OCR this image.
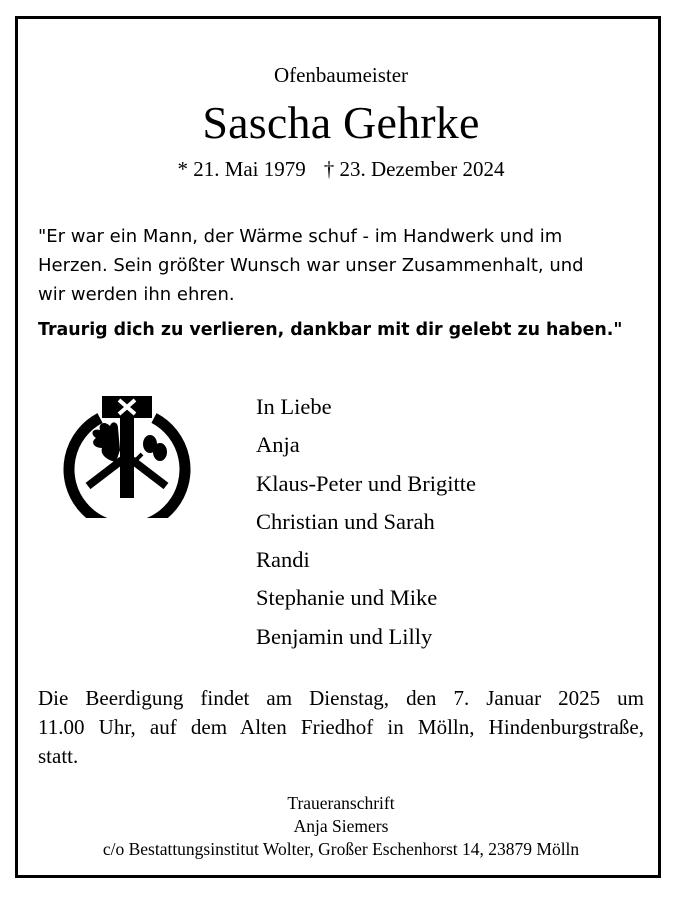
Ofenbaumeister
Sascha Gehrke
* 21. Mai 1979 † 23. Dezember 2024
"Er war ein Mann, der Wärme schuf - im Handwerk und im
Herzen. Sein größter Wunsch war unser Zusammenhalt, und
wir werden ihn ehren.
Traurig dich zu verlieren, dankbar mit dir gelebt zu haben."
In Liebe
Anja
Klaus-Peter und Brigitte
Christian und Sarah
Randi
Stephanie und Mike
Benjamin und Lilly
Die Beerdigung findet am Dienstag, den 7. Januar 2025 um
11.00 Uhr, auf dem Alten Friedhof in Mölln, Hindenburgstraße,
statt.
Traueranschrift
Anja Siemers
c/o Bestattungsinstitut Wolter, Großer Eschenhorst 14, 23879 Mölln
